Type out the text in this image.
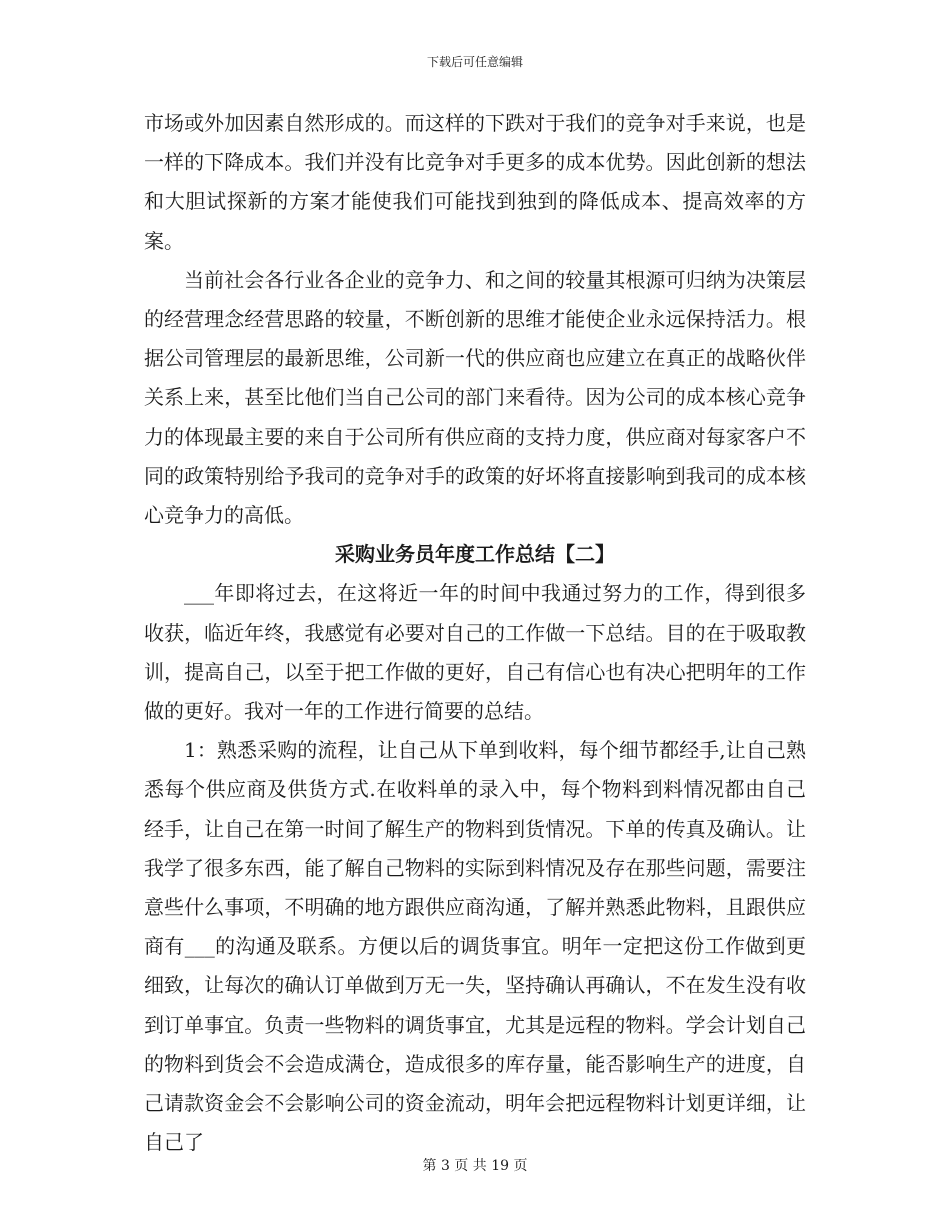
下载后可任意编辑

市场或外加因素自然形成的。而这样的下跌对于我们的竞争对手来说，也是一样的下降成本。我们并没有比竞争对手更多的成本优势。因此创新的想法和大胆试探新的方案才能使我们可能找到独到的降低成本、提高效率的方案。

当前社会各行业各企业的竞争力、和之间的较量其根源可归纳为决策层的经营理念经营思路的较量，不断创新的思维才能使企业永远保持活力。根据公司管理层的最新思维，公司新一代的供应商也应建立在真正的战略伙伴关系上来，甚至比他们当自己公司的部门来看待。因为公司的成本核心竞争力的体现最主要的来自于公司所有供应商的支持力度，供应商对每家客户不同的政策特别给予我司的竞争对手的政策的好坏将直接影响到我司的成本核心竞争力的高低。

采购业务员年度工作总结【二】

___年即将过去，在这将近一年的时间中我通过努力的工作，得到很多收获，临近年终，我感觉有必要对自己的工作做一下总结。目的在于吸取教训，提高自己，以至于把工作做的更好，自己有信心也有决心把明年的工作做的更好。我对一年的工作进行简要的总结。

1：熟悉采购的流程，让自己从下单到收料，每个细节都经手,让自己熟悉每个供应商及供货方式.在收料单的录入中，每个物料到料情况都由自己经手，让自己在第一时间了解生产的物料到货情况。下单的传真及确认。让我学了很多东西，能了解自己物料的实际到料情况及存在那些问题，需要注意些什么事项，不明确的地方跟供应商沟通，了解并熟悉此物料，且跟供应商有___的沟通及联系。方便以后的调货事宜。明年一定把这份工作做到更细致，让每次的确认订单做到万无一失，坚持确认再确认，不在发生没有收到订单事宜。负责一些物料的调货事宜，尤其是远程的物料。学会计划自己的物料到货会不会造成满仓，造成很多的库存量，能否影响生产的进度，自己请款资金会不会影响公司的资金流动，明年会把远程物料计划更详细，让自己了

第 3 页 共 19 页
